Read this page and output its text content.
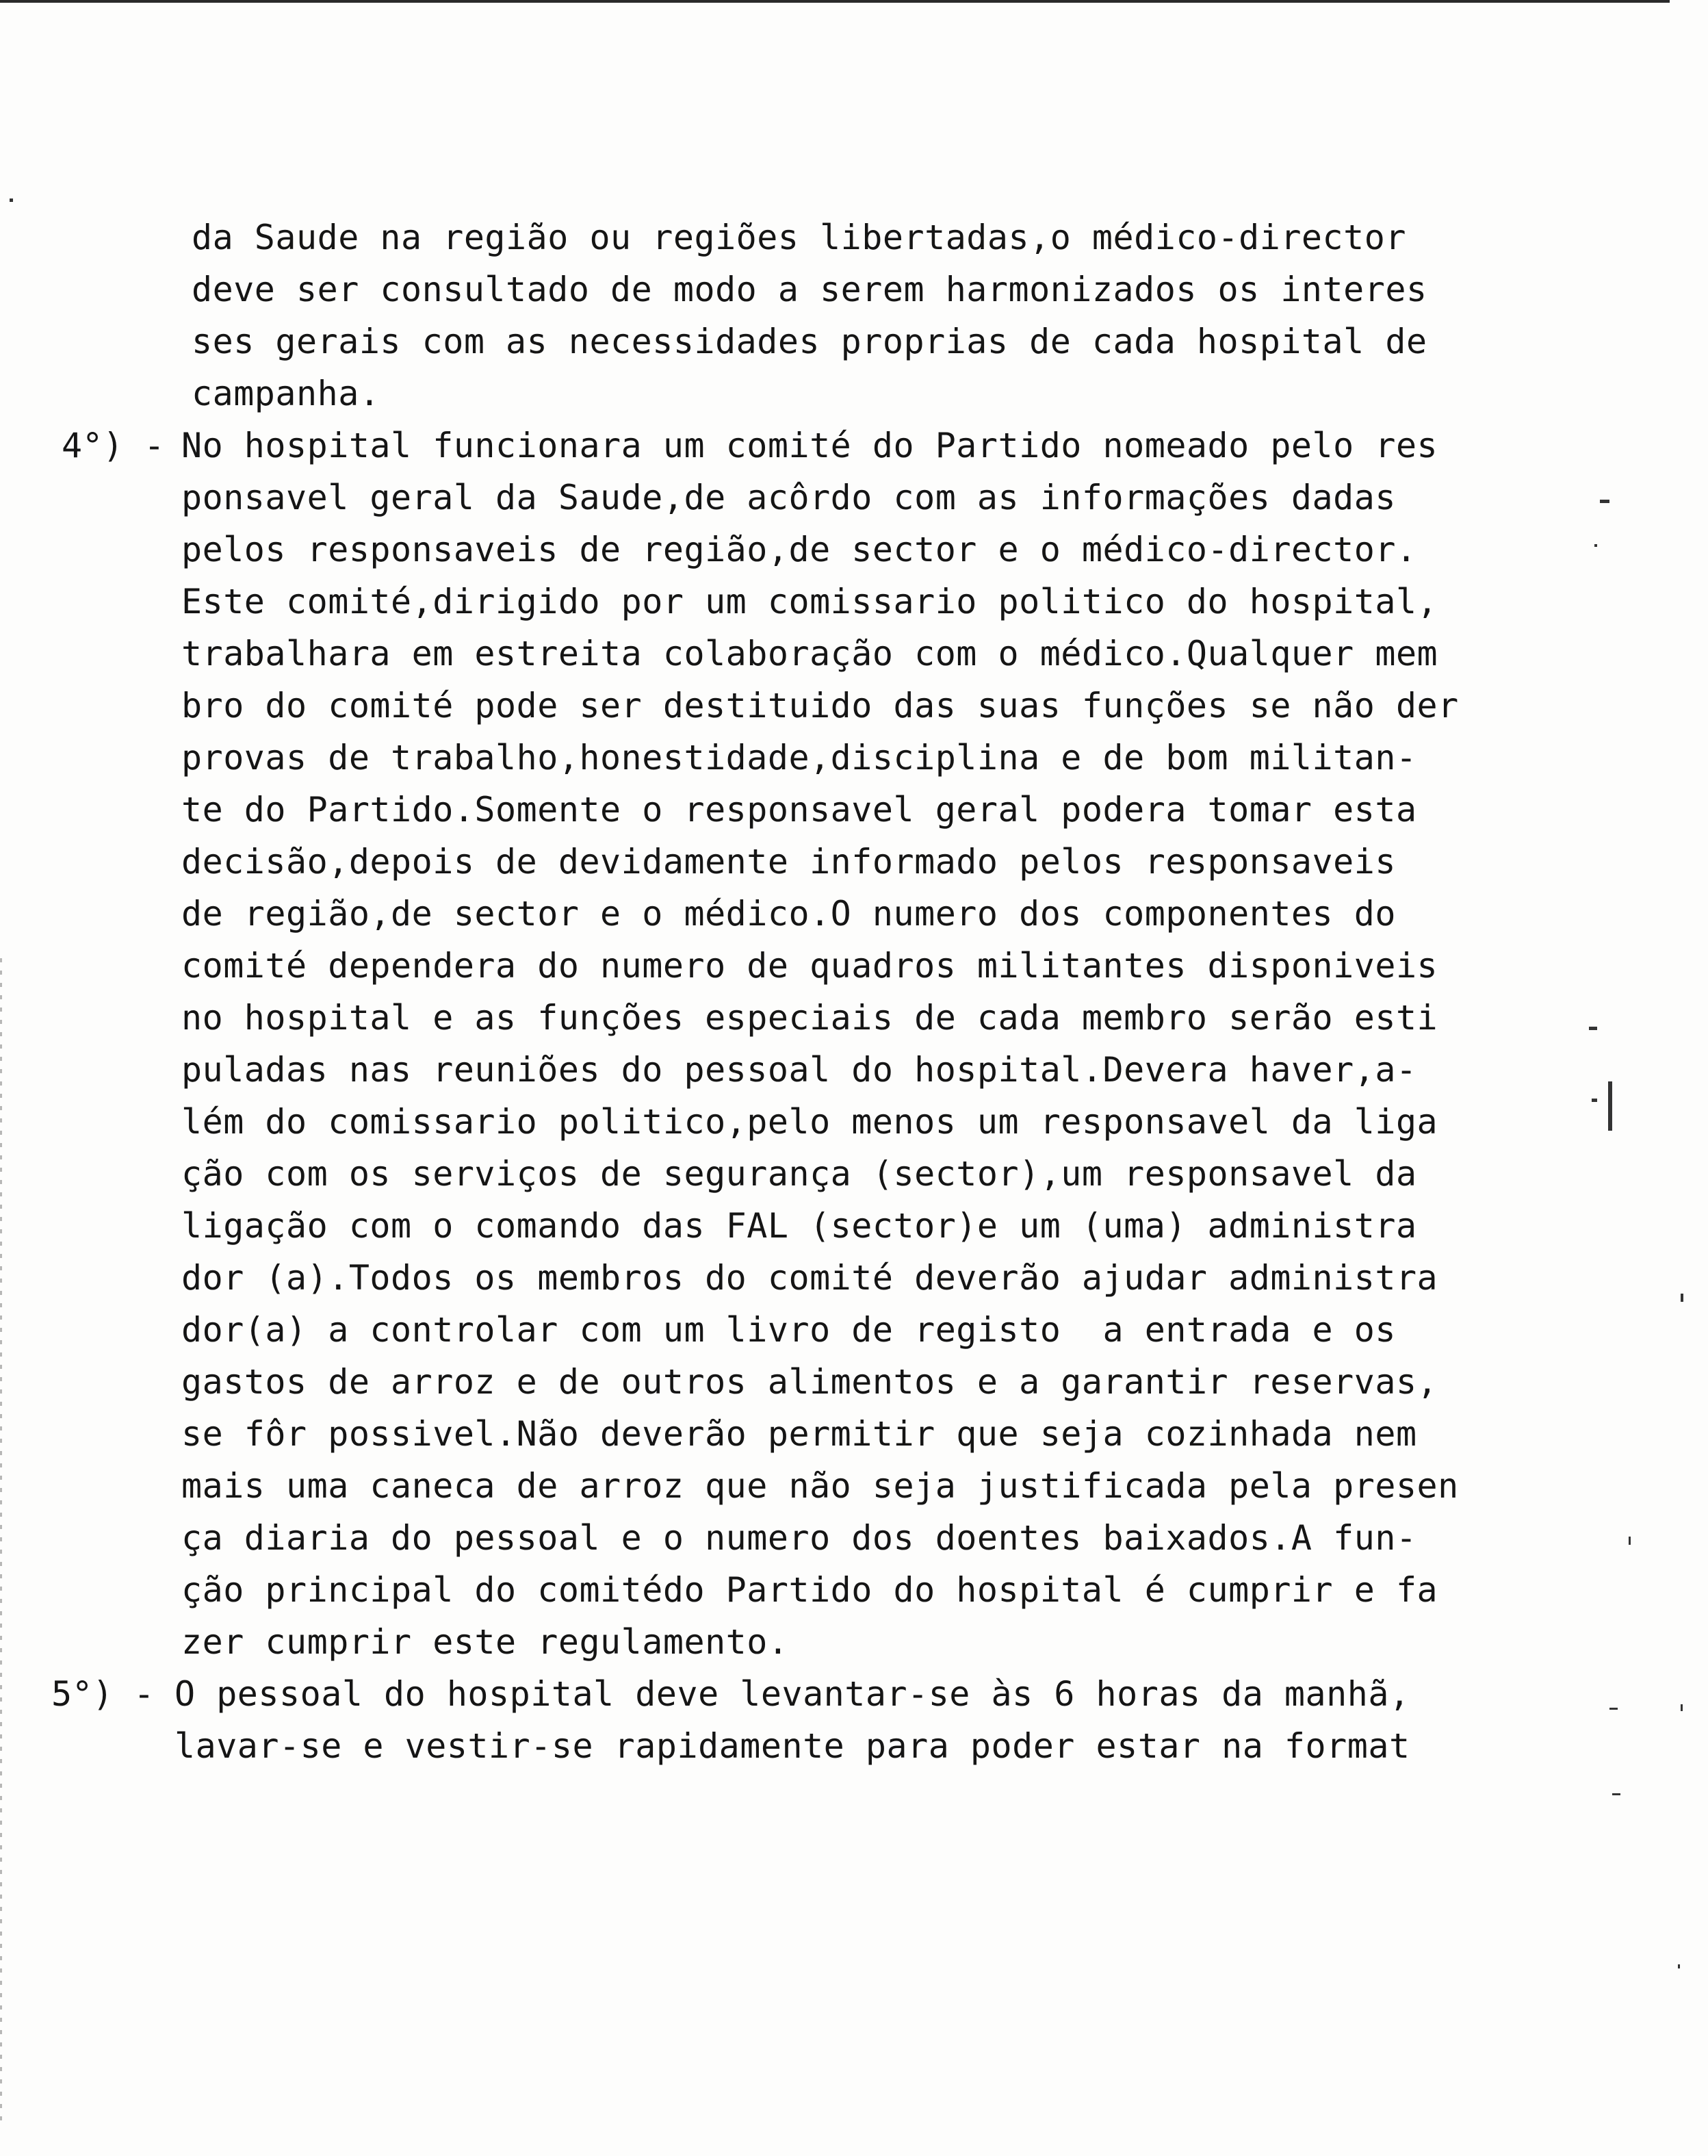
da Saude na região ou regiões libertadas,o médico-director
deve ser consultado de modo a serem harmonizados os interes
ses gerais com as necessidades proprias de cada hospital de
campanha.
4°) - No hospital funcionara um comité do Partido nomeado pelo res
ponsavel geral da Saude,de acôrdo com as informações dadas
pelos responsaveis de região,de sector e o médico-director.
Este comité,dirigido por um comissario politico do hospital,
trabalhara em estreita colaboração com o médico.Qualquer mem
bro do comité pode ser destituido das suas funções se não der
provas de trabalho,honestidade,disciplina e de bom militan-
te do Partido.Somente o responsavel geral podera tomar esta
decisão,depois de devidamente informado pelos responsaveis
de região,de sector e o médico.O numero dos componentes do
comité dependera do numero de quadros militantes disponiveis
no hospital e as funções especiais de cada membro serão esti
puladas nas reuniões do pessoal do hospital.Devera haver,a-
lém do comissario politico,pelo menos um responsavel da liga
ção com os serviços de segurança (sector),um responsavel da
ligação com o comando das FAL (sector)e um (uma) administra
dor (a).Todos os membros do comité deverão ajudar administra
dor(a) a controlar com um livro de registo  a entrada e os
gastos de arroz e de outros alimentos e a garantir reservas,
se fôr possivel.Não deverão permitir que seja cozinhada nem
mais uma caneca de arroz que não seja justificada pela presen
ça diaria do pessoal e o numero dos doentes baixados.A fun-
ção principal do comitédo Partido do hospital é cumprir e fa
zer cumprir este regulamento.
5°) - O pessoal do hospital deve levantar-se às 6 horas da manhã,
lavar-se e vestir-se rapidamente para poder estar na format
